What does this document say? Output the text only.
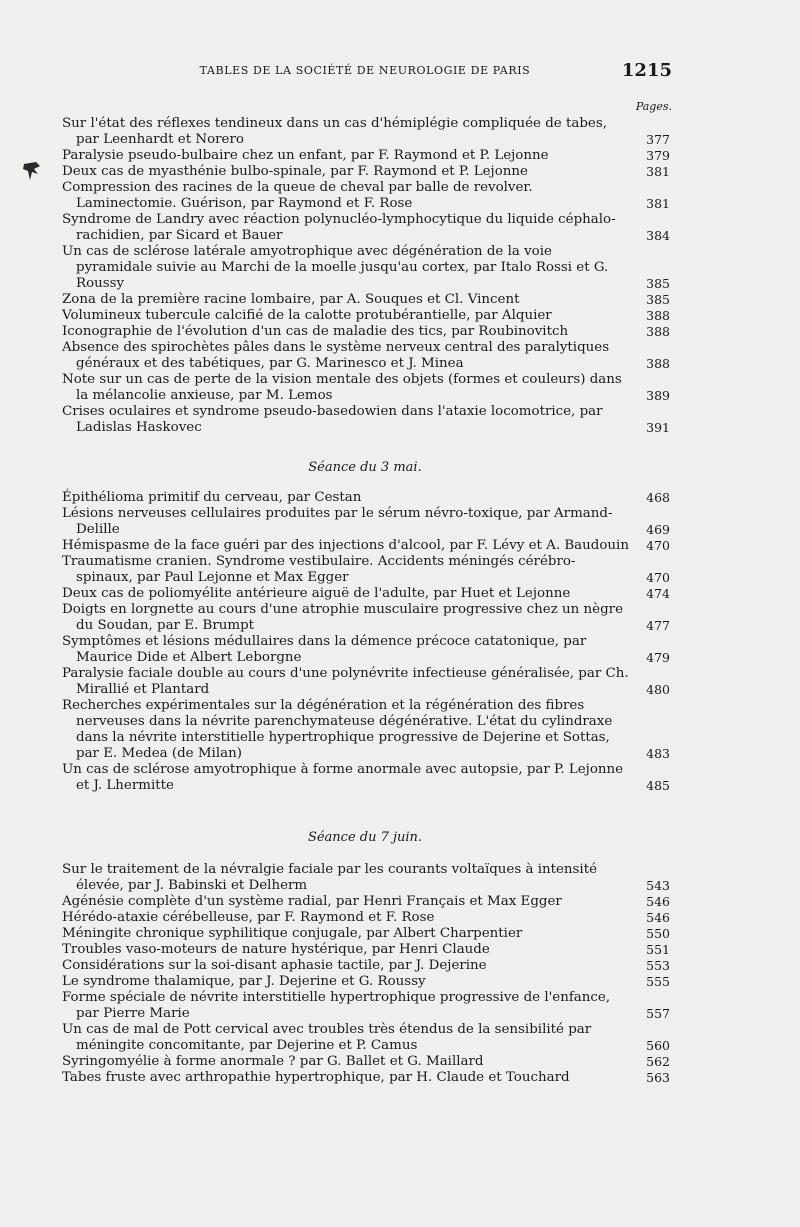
TABLES DE LA SOCIÉTÉ DE NEUROLOGIE DE PARIS	1215
Pages.
Sur l'état des réflexes tendineux dans un cas d'hémiplégie compliquée de tabes, par Leenhardt et Norero	377
Paralysie pseudo-bulbaire chez un enfant, par F. Raymond et P. Lejonne	379
Deux cas de myasthénie bulbo-spinale, par F. Raymond et P. Lejonne	381
Compression des racines de la queue de cheval par balle de revolver. Laminectomie. Guérison, par Raymond et F. Rose	381
Syndrome de Landry avec réaction polynucléo-lymphocytique du liquide céphalo-rachidien, par Sicard et Bauer	384
Un cas de sclérose latérale amyotrophique avec dégénération de la voie pyramidale suivie au Marchi de la moelle jusqu'au cortex, par Italo Rossi et G. Roussy	385
Zona de la première racine lombaire, par A. Souques et Cl. Vincent	385
Volumineux tubercule calcifié de la calotte protubérantielle, par Alquier	388
Iconographie de l'évolution d'un cas de maladie des tics, par Roubinovitch	388
Absence des spirochètes pâles dans le système nerveux central des paralytiques généraux et des tabétiques, par G. Marinesco et J. Minea	388
Note sur un cas de perte de la vision mentale des objets (formes et couleurs) dans la mélancolie anxieuse, par M. Lemos	389
Crises oculaires et syndrome pseudo-basedowien dans l'ataxie locomotrice, par Ladislas Haskovec	391
Séance du 3 mai.
Épithélioma primitif du cerveau, par Cestan	468
Lésions nerveuses cellulaires produites par le sérum névro-toxique, par Armand-Delille	469
Hémispasme de la face guéri par des injections d'alcool, par F. Lévy et A. Baudouin	470
Traumatisme cranien. Syndrome vestibulaire. Accidents méningés cérébro-spinaux, par Paul Lejonne et Max Egger	470
Deux cas de poliomyélite antérieure aiguë de l'adulte, par Huet et Lejonne	474
Doigts en lorgnette au cours d'une atrophie musculaire progressive chez un nègre du Soudan, par E. Brumpt	477
Symptômes et lésions médullaires dans la démence précoce catatonique, par Maurice Dide et Albert Leborgne	479
Paralysie faciale double au cours d'une polynévrite infectieuse généralisée, par Ch. Mirallié et Plantard	480
Recherches expérimentales sur la dégénération et la régénération des fibres nerveuses dans la névrite parenchymateuse dégénérative. L'état du cylindraxe dans la névrite interstitielle hypertrophique progressive de Dejerine et Sottas, par E. Medea (de Milan)	483
Un cas de sclérose amyotrophique à forme anormale avec autopsie, par P. Lejonne et J. Lhermitte	485
Séance du 7 juin.
Sur le traitement de la névralgie faciale par les courants voltaïques à intensité élevée, par J. Babinski et Delherm	543
Agénésie complète d'un système radial, par Henri Français et Max Egger	546
Hérédo-ataxie cérébelleuse, par F. Raymond et F. Rose	546
Méningite chronique syphilitique conjugale, par Albert Charpentier	550
Troubles vaso-moteurs de nature hystérique, par Henri Claude	551
Considérations sur la soi-disant aphasie tactile, par J. Dejerine	553
Le syndrome thalamique, par J. Dejerine et G. Roussy	555
Forme spéciale de névrite interstitielle hypertrophique progressive de l'enfance, par Pierre Marie	557
Un cas de mal de Pott cervical avec troubles très étendus de la sensibilité par méningite concomitante, par Dejerine et P. Camus	560
Syringomyélie à forme anormale ? par G. Ballet et G. Maillard	562
Tabes fruste avec arthropathie hypertrophique, par H. Claude et Touchard	563
